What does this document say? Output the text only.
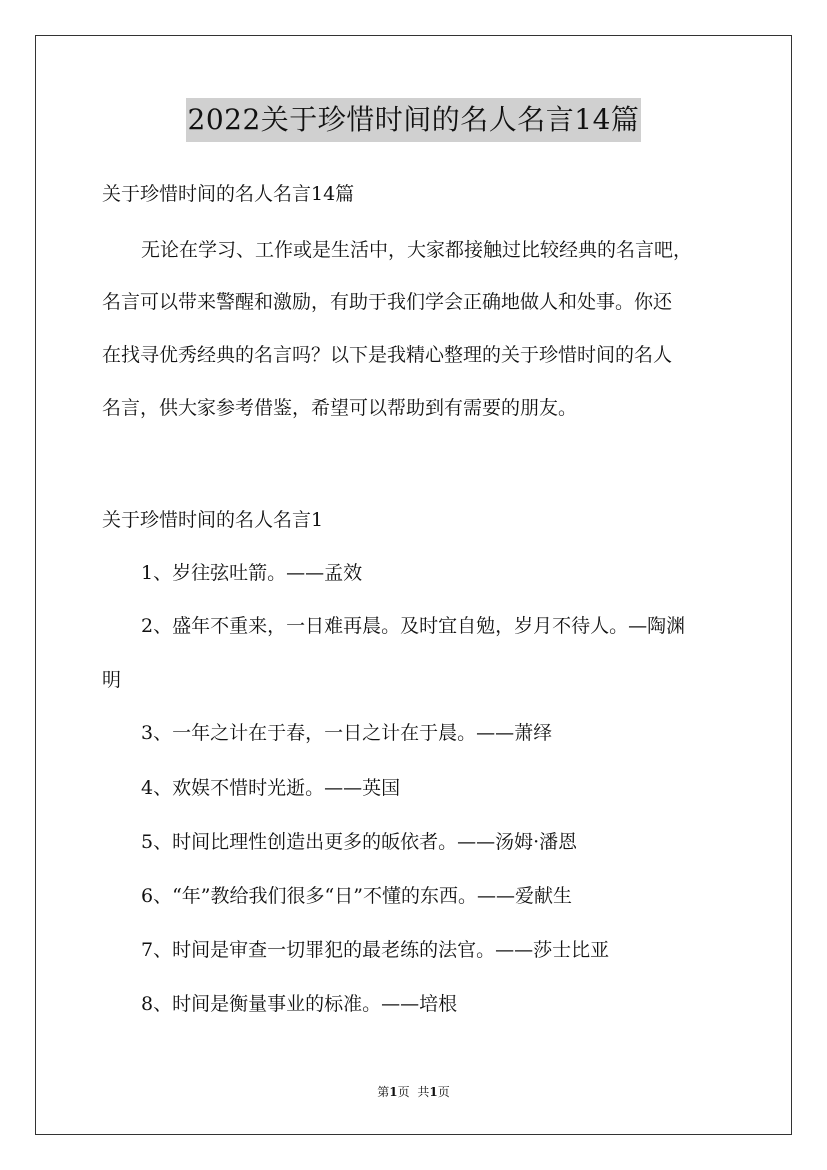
2022关于珍惜时间的名人名言14篇
关于珍惜时间的名人名言14篇
无论在学习、工作或是生活中，大家都接触过比较经典的名言吧，
名言可以带来警醒和激励，有助于我们学会正确地做人和处事。你还
在找寻优秀经典的名言吗？以下是我精心整理的关于珍惜时间的名人
名言，供大家参考借鉴，希望可以帮助到有需要的朋友。
关于珍惜时间的名人名言1
1、岁往弦吐箭。——孟效
2、盛年不重来，一日难再晨。及时宜自勉，岁月不待人。—陶渊
明
3、一年之计在于春，一日之计在于晨。——萧绎
4、欢娱不惜时光逝。——英国
5、时间比理性创造出更多的皈依者。——汤姆·潘恩
6、“年”教给我们很多“日”不懂的东西。——爱献生
7、时间是审查一切罪犯的最老练的法官。——莎士比亚
8、时间是衡量事业的标准。——培根
第1页 共1页
